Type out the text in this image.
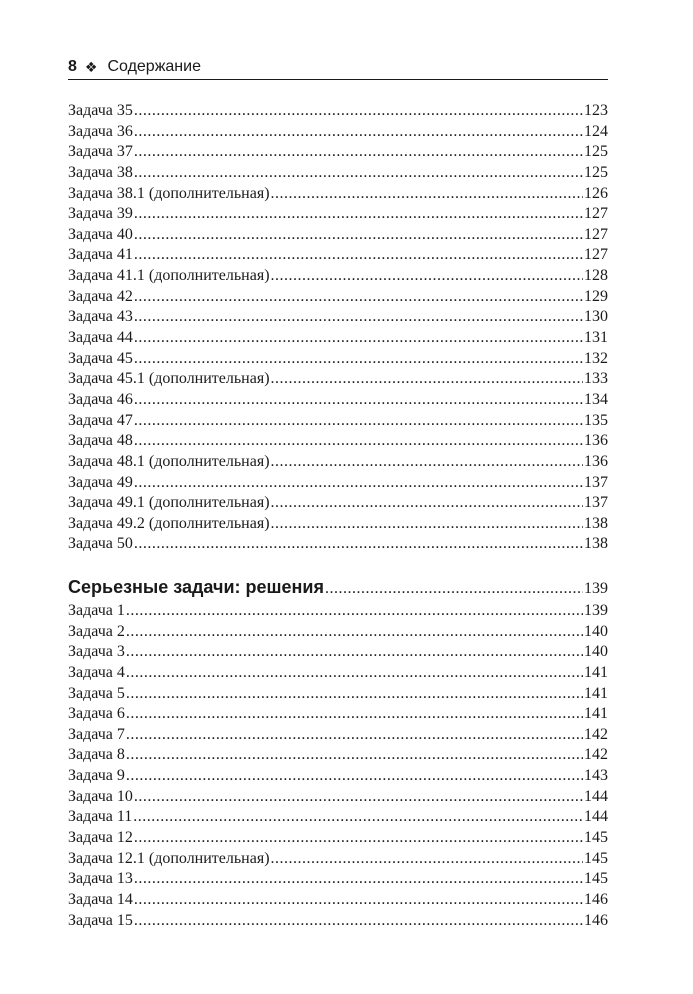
8 ❖ Содержание
Задача 35 .....	123
Задача 36 .....	124
Задача 37 .....	125
Задача 38 .....	125
Задача 38.1 (дополнительная) .....	126
Задача 39 .....	127
Задача 40 .....	127
Задача 41 .....	127
Задача 41.1 (дополнительная) .....	128
Задача 42 .....	129
Задача 43 .....	130
Задача 44 .....	131
Задача 45 .....	132
Задача 45.1 (дополнительная) .....	133
Задача 46 .....	134
Задача 47 .....	135
Задача 48 .....	136
Задача 48.1 (дополнительная) .....	136
Задача 49 .....	137
Задача 49.1 (дополнительная) .....	137
Задача 49.2 (дополнительная) .....	138
Задача 50 .....	138
Серьезные задачи: решения .....	139
Задача 1 .....	139
Задача 2 .....	140
Задача 3 .....	140
Задача 4 .....	141
Задача 5 .....	141
Задача 6 .....	141
Задача 7 .....	142
Задача 8 .....	142
Задача 9 .....	143
Задача 10 .....	144
Задача 11 .....	144
Задача 12 .....	145
Задача 12.1 (дополнительная) .....	145
Задача 13 .....	145
Задача 14 .....	146
Задача 15 .....	146
